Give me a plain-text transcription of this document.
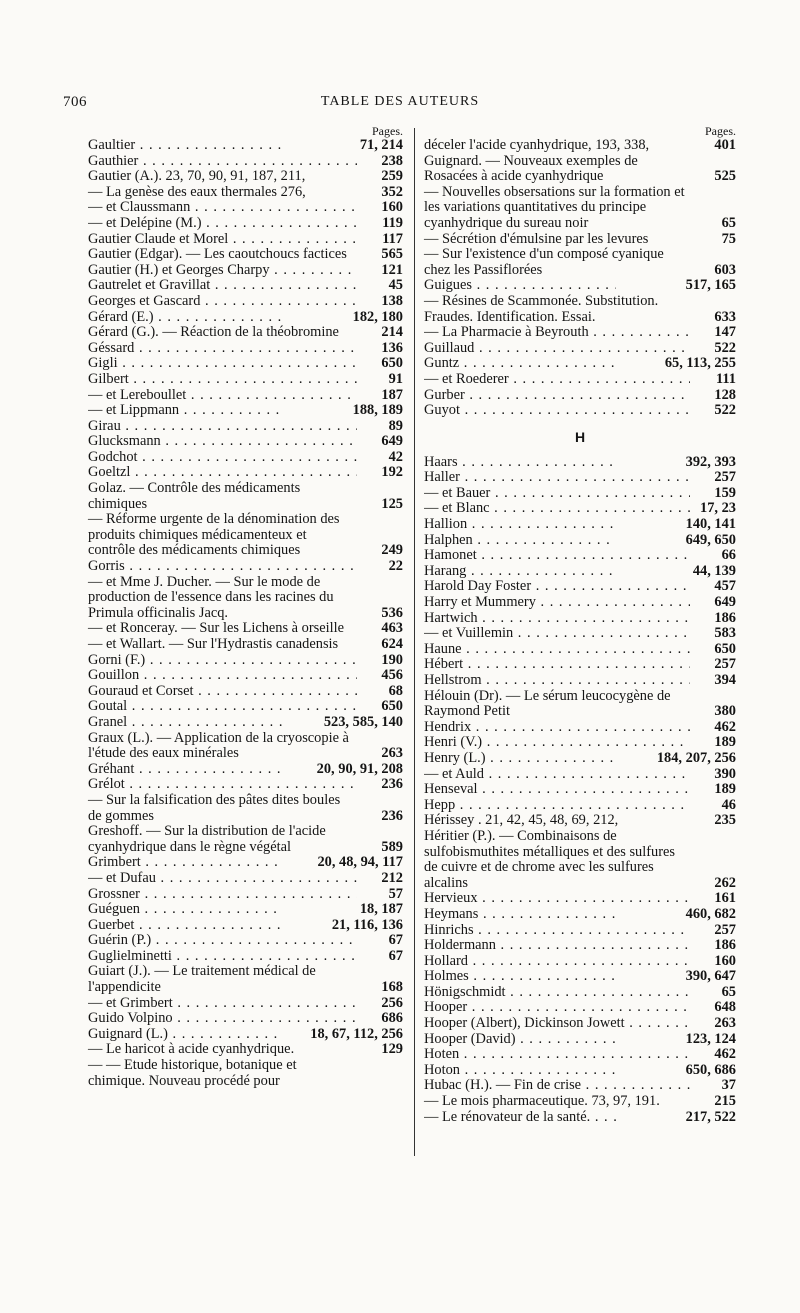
706	TABLE DES AUTEURS
Pages.
Gaultier . . .	71, 214
Gauthier . . .	238
Gautier (A.). 23, 70, 90, 91, 187, 211,	259
— La genèse des eaux thermales 276,	352
— et Claussmann . . .	160
— et Delépine (M.) . . .	119
Gautier Claude et Morel . . .	117
Gautier (Edgar). — Les caoutchoucs factices	565
Gautier (H.) et Georges Charpy . . .	121
Gautrelet et Gravillat . . .	45
Georges et Gascard . . .	138
Gérard (E.) . . .	182, 180
Gérard (G.). — Réaction de la théobromine	214
Géssard . . .	136
Gigli . . .	650
Gilbert . . .	91
— et Lereboullet . . .	187
— et Lippmann . . .	188, 189
Girau . . .	89
Glucksmann . . .	649
Godchot . . .	42
Goeltzl . . .	192
Golaz. — Contrôle des médicaments chimiques	125
— Réforme urgente de la dénomination des produits chimiques médicamenteux et contrôle des médicaments chimiques	249
Gorris . . .	22
— et Mme J. Ducher. — Sur le mode de production de l'essence dans les racines du Primula officinalis Jacq.	536
— et Ronceray. — Sur les Lichens à orseille	463
— et Wallart. — Sur l'Hydrastis canadensis	624
Gorni (F.) . . .	190
Gouillon . . .	456
Gouraud et Corset . . .	68
Goutal . . .	650
Granel . . .	523, 585, 140
Graux (L.). — Application de la cryoscopie à l'étude des eaux minérales	263
Gréhant . . .	20, 90, 91, 208
Grélot . . .	236
— Sur la falsification des pâtes dites boules de gommes	236
Greshoff. — Sur la distribution de l'acide cyanhydrique dans le règne végétal	589
Grimbert . . .	20, 48, 94, 117
— et Dufau . . .	212
Grossner . . .	57
Guéguen . . .	18, 187
Guerbet . . .	21, 116, 136
Guérin (P.) . . .	67
Guglielminetti . . .	67
Guiart (J.). — Le traitement médical de l'appendicite	168
— et Grimbert . . .	256
Guido Volpino . . .	686
Guignard (L.) . . .	18, 67, 112, 256
— Le haricot à acide cyanhydrique.	129
— — Etude historique, botanique et chimique. Nouveau procédé pour
Pages.
déceler l'acide cyanhydrique, 193, 338,	401
Guignard. — Nouveaux exemples de Rosacées à acide cyanhydrique	525
— Nouvelles obsersations sur la formation et les variations quantitatives du principe cyanhydrique du sureau noir	65
— Sécrétion d'émulsine par les levures	75
— Sur l'existence d'un composé cyanique chez les Passiflorées	603
Guigues . . .	517, 165
— Résines de Scammonée. Substitution. Fraudes. Identification. Essai.	633
— La Pharmacie à Beyrouth . . .	147
Guillaud . . .	522
Guntz . . .	65, 113, 255
— et Roederer . . .	111
Gurber . . .	128
Guyot . . .	522
H
Haars . . .	392, 393
Haller . . .	257
— et Bauer . . .	159
— et Blanc . . .	17, 23
Hallion . . .	140, 141
Halphen . . .	649, 650
Hamonet . . .	66
Harang . . .	44, 139
Harold Day Foster . . .	457
Harry et Mummery . . .	649
Hartwich . . .	186
— et Vuillemin . . .	583
Haune . . .	650
Hébert . . .	257
Hellstrom . . .	394
Hélouin (Dr). — Le sérum leucocygène de Raymond Petit	380
Hendrix . . .	462
Henri (V.) . . .	189
Henry (L.) . . .	184, 207, 256
— et Auld . . .	390
Henseval . . .	189
Hepp . . .	46
Hérissey . 21, 42, 45, 48, 69, 212,	235
Héritier (P.). — Combinaisons de sulfobismuthites métalliques et des sulfures de cuivre et de chrome avec les sulfures alcalins	262
Hervieux . . .	161
Heymans . . .	460, 682
Hinrichs . . .	257
Holdermann . . .	186
Hollard . . .	160
Holmes . . .	390, 647
Hönigschmidt . . .	65
Hooper . . .	648
Hooper (Albert), Dickinson Jowett . . .	263
Hooper (David) . . .	123, 124
Hoten . . .	462
Hoton . . .	650, 686
Hubac (H.). — Fin de crise . . .	37
— Le mois pharmaceutique. 73, 97, 191.	215
— Le rénovateur de la santé. . . .	217, 522
